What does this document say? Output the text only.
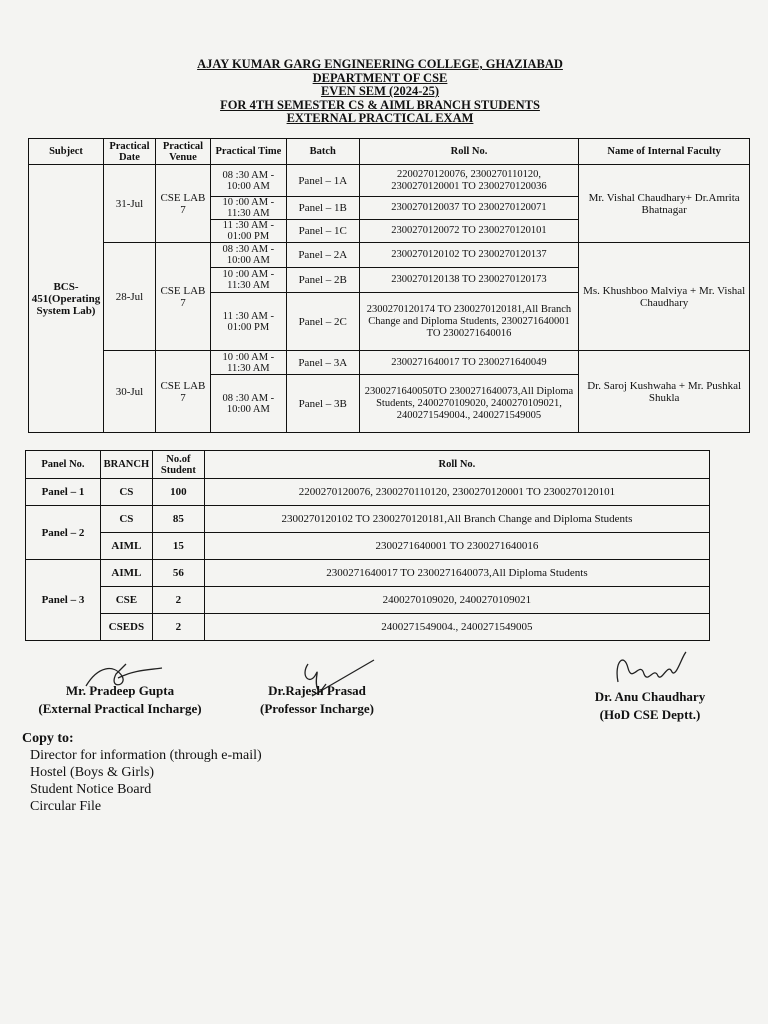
AJAY KUMAR GARG ENGINEERING COLLEGE, GHAZIABAD
DEPARTMENT OF CSE
EVEN SEM (2024-25)
FOR 4TH SEMESTER CS & AIML BRANCH STUDENTS
EXTERNAL PRACTICAL EXAM
Subject	Practical Date	Practical Venue	Practical Time	Batch	Roll No.	Name of Internal Faculty
BCS-451(Operating System Lab)	31-Jul	CSE LAB 7	08 :30 AM - 10:00 AM	Panel – 1A	2200270120076, 2300270110120, 2300270120001 TO 2300270120036	Mr. Vishal Chaudhary+ Dr.Amrita Bhatnagar
			10 :00 AM - 11:30 AM	Panel – 1B	2300270120037 TO 2300270120071	
			11 :30 AM - 01:00 PM	Panel – 1C	2300270120072 TO 2300270120101	
	28-Jul	CSE LAB 7	08 :30 AM - 10:00 AM	Panel – 2A	2300270120102 TO 2300270120137	Ms. Khushboo Malviya + Mr. Vishal Chaudhary
			10 :00 AM - 11:30 AM	Panel – 2B	2300270120138 TO 2300270120173	
			11 :30 AM - 01:00 PM	Panel – 2C	2300270120174 TO 2300270120181,All Branch Change and Diploma Students, 2300271640001 TO 2300271640016	
	30-Jul	CSE LAB 7	10 :00 AM - 11:30 AM	Panel – 3A	2300271640017 TO 2300271640049	Dr. Saroj Kushwaha + Mr. Pushkal Shukla
			08 :30 AM - 10:00 AM	Panel – 3B	2300271640050TO 2300271640073,All Diploma Students, 2400270109020, 2400270109021, 2400271549004., 2400271549005	
Panel No.	BRANCH	No.of Student	Roll No.
Panel – 1	CS	100	2200270120076, 2300270110120, 2300270120001 TO 2300270120101
Panel – 2	CS	85	2300270120102 TO 2300270120181,All Branch Change and Diploma Students
	AIML	15	2300271640001 TO 2300271640016
Panel – 3	AIML	56	2300271640017 TO 2300271640073,All Diploma Students
	CSE	2	2400270109020, 2400270109021
	CSEDS	2	2400271549004., 2400271549005
Mr. Pradeep Gupta
(External Practical Incharge)
Dr.Rajesh Prasad
(Professor Incharge)
Dr. Anu Chaudhary
(HoD CSE Deptt.)
Copy to:
Director for information (through e-mail)
Hostel (Boys & Girls)
Student Notice Board
Circular File
